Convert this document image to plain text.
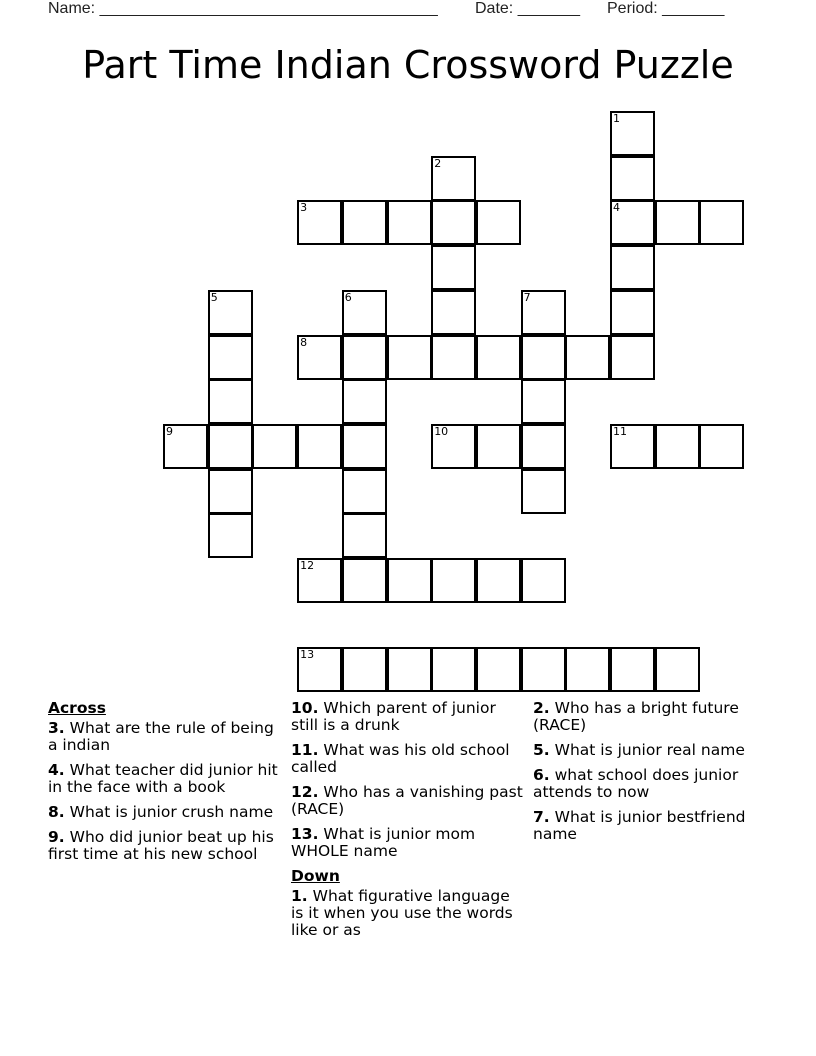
Name: ______________________________________ Date: _______ Period: _______
Part Time Indian Crossword Puzzle
3	4
8
9	10	11
12
13
1
2
5	6	7
Across
3. What are the rule of being a indian
4. What teacher did junior hit in the face with a book
8. What is junior crush name
9. Who did junior beat up his first time at his new school
10. Which parent of junior still is a drunk
11. What was his old school called
12. Who has a vanishing past (RACE)
13. What is junior mom WHOLE name
Down
1. What figurative language is it when you use the words like or as
2. Who has a bright future (RACE)
5. What is junior real name
6. what school does junior attends to now
7. What is junior bestfriend name
